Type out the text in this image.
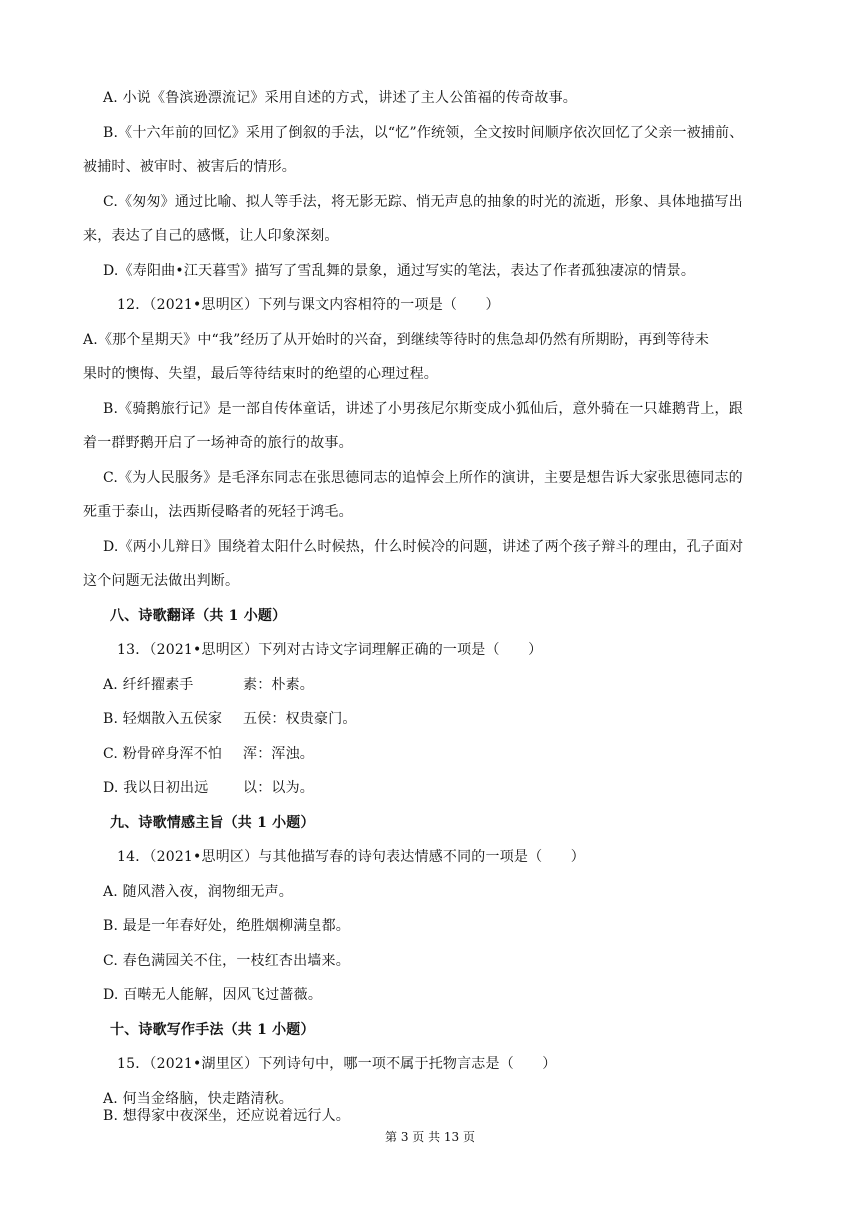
A. 小说《鲁滨逊漂流记》采用自述的方式，讲述了主人公笛福的传奇故事。
B.《十六年前的回忆》采用了倒叙的手法，以“忆”作统领，全文按时间顺序依次回忆了父亲一被捕前、
被捕时、被审时、被害后的情形。
C.《匆匆》通过比喻、拟人等手法，将无影无踪、悄无声息的抽象的时光的流逝，形象、具体地描写出
来，表达了自己的感慨，让人印象深刻。
D.《寿阳曲•江天暮雪》描写了雪乱舞的景象，通过写实的笔法，表达了作者孤独凄凉的情景。
12．（2021•思明区）下列与课文内容相符的一项是（　　）
A.《那个星期天》中“我”经历了从开始时的兴奋，到继续等待时的焦急却仍然有所期盼，再到等待未
果时的懊悔、失望，最后等待结束时的绝望的心理过程。
B.《骑鹅旅行记》是一部自传体童话，讲述了小男孩尼尔斯变成小狐仙后，意外骑在一只雄鹅背上，跟
着一群野鹅开启了一场神奇的旅行的故事。
C.《为人民服务》是毛泽东同志在张思德同志的追悼会上所作的演讲，主要是想告诉大家张思德同志的
死重于泰山，法西斯侵略者的死轻于鸿毛。
D.《两小儿辩日》围绕着太阳什么时候热，什么时候冷的问题，讲述了两个孩子辩斗的理由，孔子面对
这个问题无法做出判断。
八、诗歌翻译（共 1 小题）
13．（2021•思明区）下列对古诗文字词理解正确的一项是（　　）
A. 纤纤擢素手	素：朴素。
B. 轻烟散入五侯家 五侯：权贵豪门。
C. 粉骨碎身浑不怕 浑：浑浊。
D. 我以日初出远 以：以为。
九、诗歌情感主旨（共 1 小题）
14．（2021•思明区）与其他描写春的诗句表达情感不同的一项是（　　）
A. 随风潜入夜，润物细无声。
B. 最是一年春好处，绝胜烟柳满皇都。
C. 春色满园关不住，一枝红杏出墙来。
D. 百啭无人能解，因风飞过蔷薇。
十、诗歌写作手法（共 1 小题）
15．（2021•湖里区）下列诗句中，哪一项不属于托物言志是（　　）
A. 何当金络脑，快走踏清秋。
B. 想得家中夜深坐，还应说着远行人。
第 3 页 共 13 页
